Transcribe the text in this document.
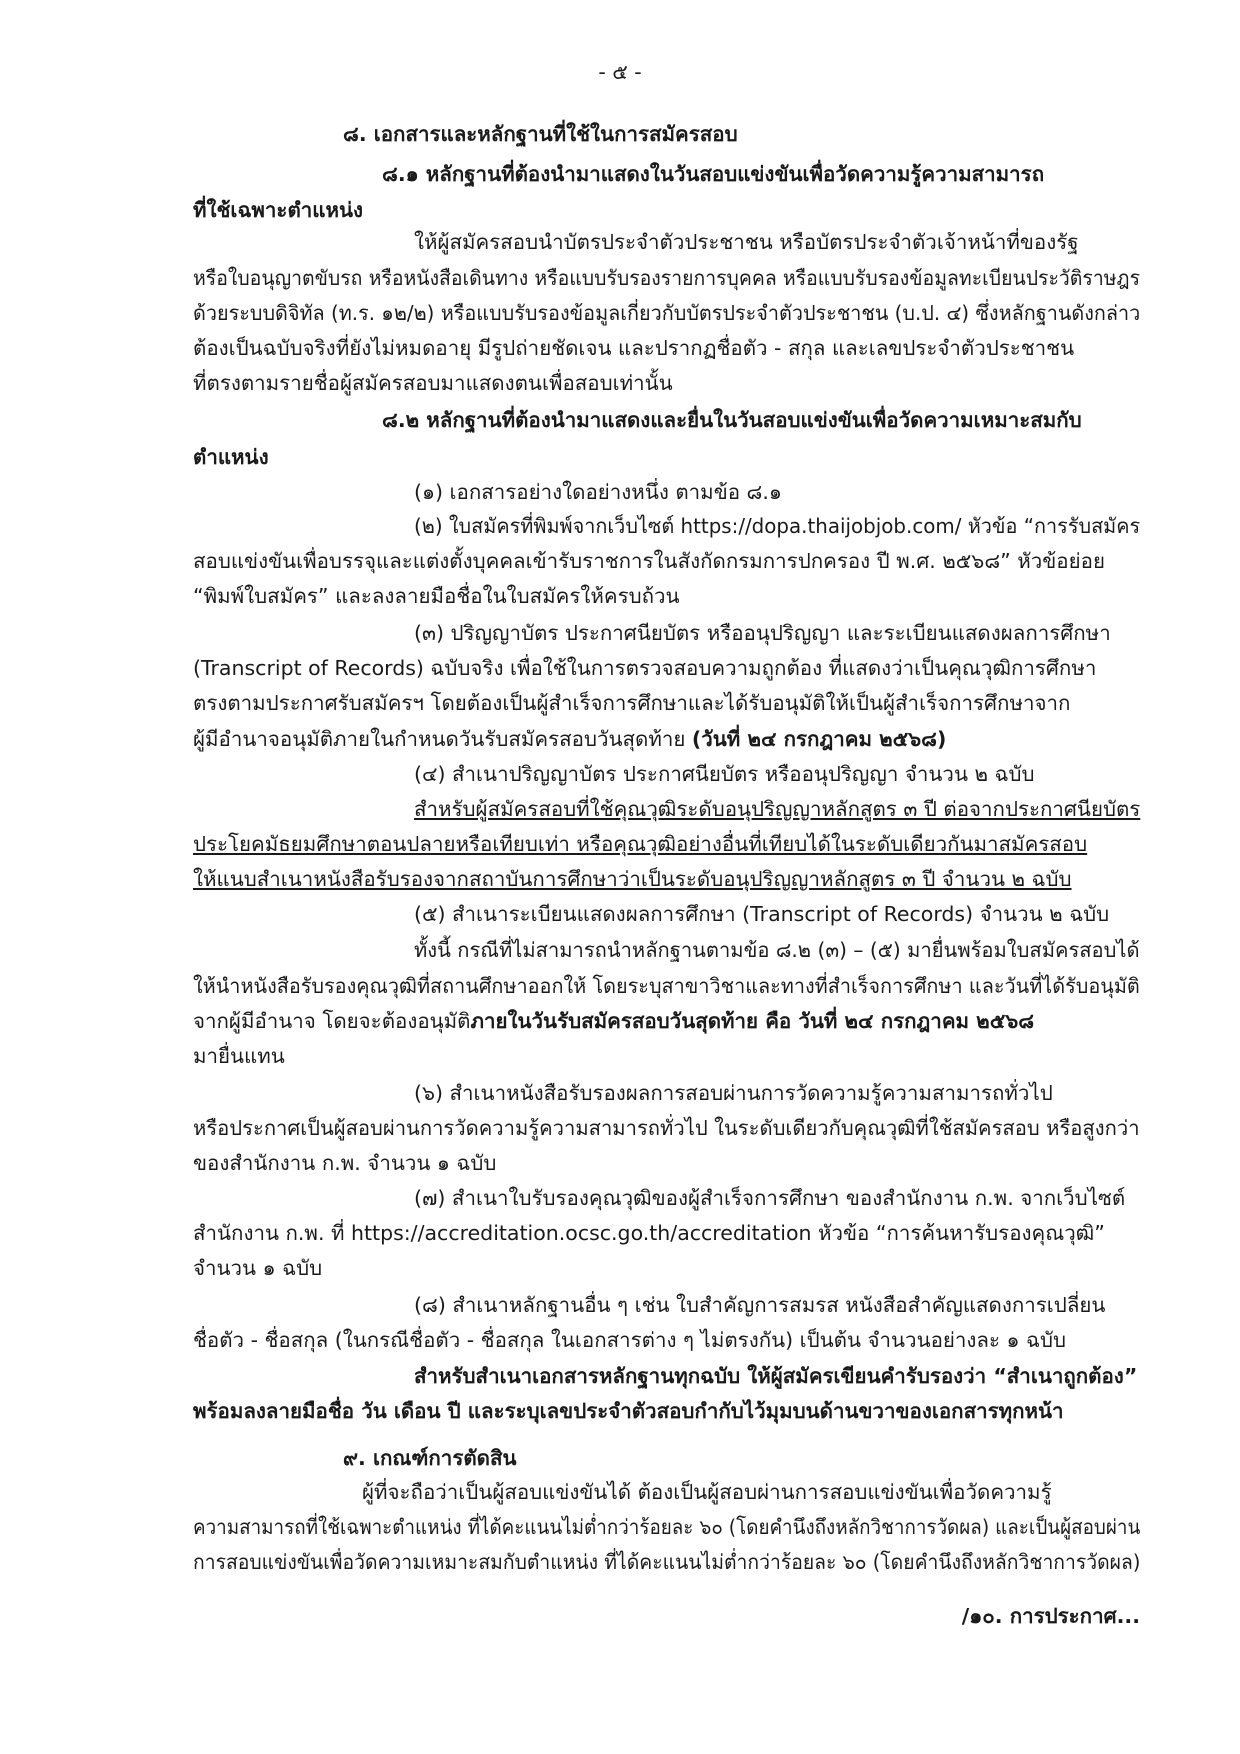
- ๕ -
๘. เอกสารและหลักฐานที่ใช้ในการสมัครสอบ
๘.๑ หลักฐานที่ต้องนำมาแสดงในวันสอบแข่งขันเพื่อวัดความรู้ความสามารถ
ที่ใช้เฉพาะตำแหน่ง
ให้ผู้สมัครสอบนำบัตรประจำตัวประชาชน หรือบัตรประจำตัวเจ้าหน้าที่ของรัฐ
หรือใบอนุญาตขับรถ หรือหนังสือเดินทาง หรือแบบรับรองรายการบุคคล หรือแบบรับรองข้อมูลทะเบียนประวัติราษฎร
ด้วยระบบดิจิทัล (ท.ร. ๑๒/๒) หรือแบบรับรองข้อมูลเกี่ยวกับบัตรประจำตัวประชาชน (บ.ป. ๔) ซึ่งหลักฐานดังกล่าว
ต้องเป็นฉบับจริงที่ยังไม่หมดอายุ มีรูปถ่ายชัดเจน และปรากฏชื่อตัว - สกุล และเลขประจำตัวประชาชน
ที่ตรงตามรายชื่อผู้สมัครสอบมาแสดงตนเพื่อสอบเท่านั้น
๘.๒ หลักฐานที่ต้องนำมาแสดงและยื่นในวันสอบแข่งขันเพื่อวัดความเหมาะสมกับ
ตำแหน่ง
(๑) เอกสารอย่างใดอย่างหนึ่ง ตามข้อ ๘.๑
(๒) ใบสมัครที่พิมพ์จากเว็บไซต์ https://dopa.thaijobjob.com/ หัวข้อ “การรับสมัคร
สอบแข่งขันเพื่อบรรจุและแต่งตั้งบุคคลเข้ารับราชการในสังกัดกรมการปกครอง ปี พ.ศ. ๒๕๖๘” หัวข้อย่อย
“พิมพ์ใบสมัคร” และลงลายมือชื่อในใบสมัครให้ครบถ้วน
(๓) ปริญญาบัตร ประกาศนียบัตร หรืออนุปริญญา และระเบียนแสดงผลการศึกษา
(Transcript of Records) ฉบับจริง เพื่อใช้ในการตรวจสอบความถูกต้อง ที่แสดงว่าเป็นคุณวุฒิการศึกษา
ตรงตามประกาศรับสมัครฯ โดยต้องเป็นผู้สำเร็จการศึกษาและได้รับอนุมัติให้เป็นผู้สำเร็จการศึกษาจาก
ผู้มีอำนาจอนุมัติภายในกำหนดวันรับสมัครสอบวันสุดท้าย (วันที่ ๒๔ กรกฎาคม ๒๕๖๘)
(๔) สำเนาปริญญาบัตร ประกาศนียบัตร หรืออนุปริญญา จำนวน ๒ ฉบับ
สำหรับผู้สมัครสอบที่ใช้คุณวุฒิระดับอนุปริญญาหลักสูตร ๓ ปี ต่อจากประกาศนียบัตร
ประโยคมัธยมศึกษาตอนปลายหรือเทียบเท่า หรือคุณวุฒิอย่างอื่นที่เทียบได้ในระดับเดียวกันมาสมัครสอบ
ให้แนบสำเนาหนังสือรับรองจากสถาบันการศึกษาว่าเป็นระดับอนุปริญญาหลักสูตร ๓ ปี จำนวน ๒ ฉบับ
(๕) สำเนาระเบียนแสดงผลการศึกษา (Transcript of Records) จำนวน ๒ ฉบับ
ทั้งนี้ กรณีที่ไม่สามารถนำหลักฐานตามข้อ ๘.๒ (๓) – (๕) มายื่นพร้อมใบสมัครสอบได้
ให้นำหนังสือรับรองคุณวุฒิที่สถานศึกษาออกให้ โดยระบุสาขาวิชาและทางที่สำเร็จการศึกษา และวันที่ได้รับอนุมัติ
จากผู้มีอำนาจ โดยจะต้องอนุมัติภายในวันรับสมัครสอบวันสุดท้าย คือ วันที่ ๒๔ กรกฎาคม ๒๕๖๘
มายื่นแทน
(๖) สำเนาหนังสือรับรองผลการสอบผ่านการวัดความรู้ความสามารถทั่วไป
หรือประกาศเป็นผู้สอบผ่านการวัดความรู้ความสามารถทั่วไป ในระดับเดียวกับคุณวุฒิที่ใช้สมัครสอบ หรือสูงกว่า
ของสำนักงาน ก.พ. จำนวน ๑ ฉบับ
(๗) สำเนาใบรับรองคุณวุฒิของผู้สำเร็จการศึกษา ของสำนักงาน ก.พ. จากเว็บไซต์
สำนักงาน ก.พ. ที่ https://accreditation.ocsc.go.th/accreditation หัวข้อ “การค้นหารับรองคุณวุฒิ”
จำนวน ๑ ฉบับ
(๘) สำเนาหลักฐานอื่น ๆ เช่น ใบสำคัญการสมรส หนังสือสำคัญแสดงการเปลี่ยน
ชื่อตัว - ชื่อสกุล (ในกรณีชื่อตัว - ชื่อสกุล ในเอกสารต่าง ๆ ไม่ตรงกัน) เป็นต้น จำนวนอย่างละ ๑ ฉบับ
สำหรับสำเนาเอกสารหลักฐานทุกฉบับ ให้ผู้สมัครเขียนคำรับรองว่า “สำเนาถูกต้อง”
พร้อมลงลายมือชื่อ วัน เดือน ปี และระบุเลขประจำตัวสอบกำกับไว้มุมบนด้านขวาของเอกสารทุกหน้า
๙. เกณฑ์การตัดสิน
ผู้ที่จะถือว่าเป็นผู้สอบแข่งขันได้ ต้องเป็นผู้สอบผ่านการสอบแข่งขันเพื่อวัดความรู้
ความสามารถที่ใช้เฉพาะตำแหน่ง ที่ได้คะแนนไม่ต่ำกว่าร้อยละ ๖๐ (โดยคำนึงถึงหลักวิชาการวัดผล) และเป็นผู้สอบผ่าน
การสอบแข่งขันเพื่อวัดความเหมาะสมกับตำแหน่ง ที่ได้คะแนนไม่ต่ำกว่าร้อยละ ๖๐ (โดยคำนึงถึงหลักวิชาการวัดผล)
/๑๐. การประกาศ...
